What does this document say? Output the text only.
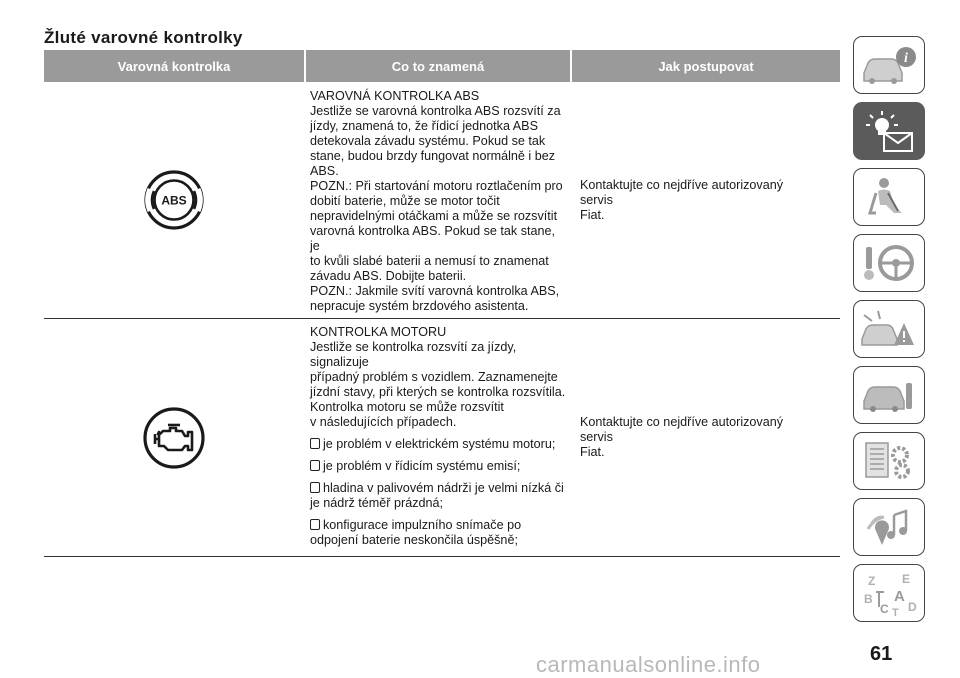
Žluté varovné kontrolky
Varovná kontrolka	Co to znamená	Jak postupovat
ABS
VAROVNÁ KONTROLKA ABS
Jestliže se varovná kontrolka ABS rozsvítí za
jízdy, znamená to, že řídicí jednotka ABS
detekovala závadu systému. Pokud se tak
stane, budou brzdy fungovat normálně i bez
ABS.
POZN.: Při startování motoru roztlačením pro
dobití baterie, může se motor točit
nepravidelnými otáčkami a může se rozsvítit
varovná kontrolka ABS. Pokud se tak stane, je
to kvůli slabé baterii a nemusí to znamenat
závadu ABS. Dobijte baterii.
POZN.: Jakmile svítí varovná kontrolka ABS,
nepracuje systém brzdového asistenta.
Kontaktujte co nejdříve autorizovaný servis
Fiat.
KONTROLKA MOTORU
Jestliže se kontrolka rozsvítí za jízdy, signalizuje
případný problém s vozidlem. Zaznamenejte
jízdní stavy, při kterých se kontrolka rozsvítila.
Kontrolka motoru se může rozsvítit
v následujících případech.
je problém v elektrickém systému motoru;
je problém v řídicím systému emisí;
hladina v palivovém nádrži je velmi nízká či
je nádrž téměř prázdná;
konfigurace impulzního snímače po
odpojení baterie neskončila úspěšně;
Kontaktujte co nejdříve autorizovaný servis
Fiat.
i
Z E
B A
C D
T
61
carmanualsonline.info
